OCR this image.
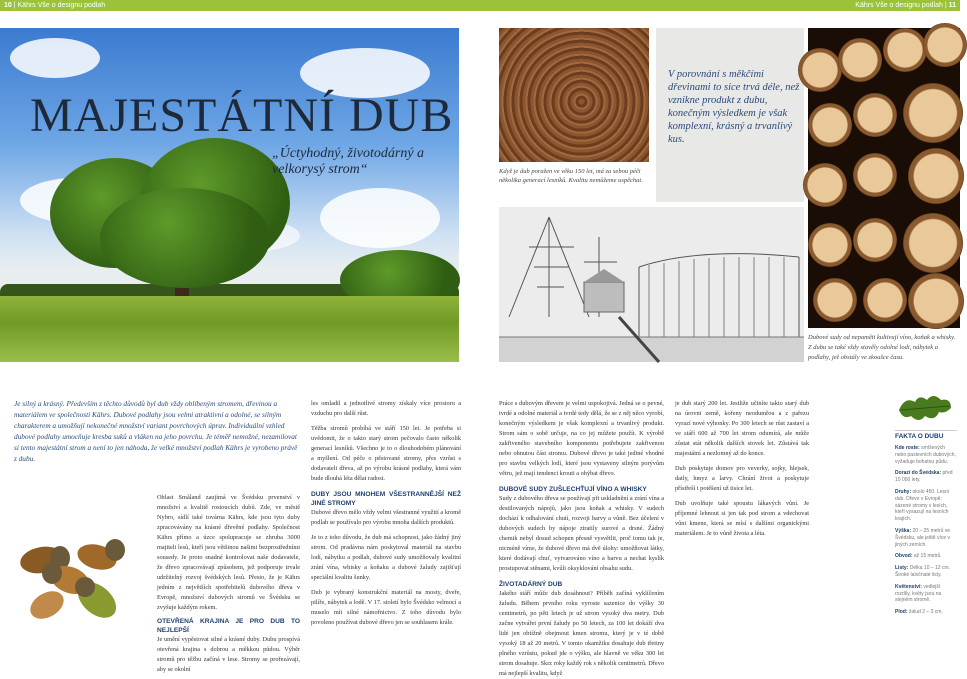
10 | Kährs Vše o designu podlah	Kährs Vše o designu podlah | 11
MAJESTÁTNÍ DUB
„Úctyhodný, životodárný a velkorysý strom“	Když je dub poražen ve věku 150 let, má za sebou péči několika generací lesníků. Kvalitu nemůžeme uspěchat.

V porovnání s měkčími dřevinami to sice trvá déle, než vznikne produkt z dubu, konečným výsledkem je však komplexní, krásný a trvanlivý kus.

Dubové sudy od nepaměti kultivují víno, koňak a whisky. Z dubu se také vždy stavěly odolné lodi, nábytek a podlahy, jež obstály ve zkoušce času.
Je silný a krásný. Především z těchto důvodů byl dub vždy oblíbeným stromem, dřevinou a materiálem ve společnosti Kährs. Dubové podlahy jsou velmi atraktivní a odolné, se silným charakterem a umožňují nekonečné množství variant povrchových úprav. Individuální vzhled dubové podlahy umocňuje kresba suků a vláken na jeho povrchu. Je téměř nemožné, nezamilovat si tento majestátní strom a není to jen náhoda, že velké množství podlah Kährs je vyrobeno právě z dubu.

Oblast Småland zaujímá ve Švédsku prvenství v množství a kvalitě rostoucích dubů. Zde, ve městě Nybro, sídlí také továrna Kährs, kde jsou tyto duby zpracovávány na krásné dřevěné podlahy. Společnost Kährs přímo a úzce spolupracuje se zhruba 3000 majiteli lesů, kteří jsou většinou našimi bezprostředními sousedy. Je proto snadné kontrolovat naše dodavatele, že dřevo zpracovávají způsobem, jež podporuje trvale udržitelný rozvoj švédských lesů. Přesto, že je Kährs jedním z největších spotřebitelů dubového dřeva v Evropě, množství dubových stromů ve Švédsku se zvyšuje každým rokem.

OTEVŘENÁ KRAJINA JE PRO DUB TO NEJLEPŠÍ

Je umění vypěstovat silné a krásné duby. Dubu prospívá otevřená krajina s dobrou a měkkou půdou. Výběr stromů pro těžbu začíná v lese. Stromy se prořezávají, aby se okolní

les omladil a jednotlivé stromy získaly více prostoru a vzduchu pro další růst.

Těžba stromů probíhá ve stáří 150 let. Je potřeba si uvědomit, že o takto starý strom pečovalo často několik generací lesníků. Všechno je to o dlouhodobém plánování a myšlení. Od péče o pěstované stromy, přes vzrůst s dodavateli dřeva, až po výrobu krásné podlahy, která vám bude dlouhá léta dělat radost.

DUBY JSOU MNOHEM VŠESTRANNĚJŠÍ NEŽ JINÉ STROMY

Dubové dřevo mělo vždy velmi všestranné využití a kromě podlah se používalo pro výrobu mnoha dalších produktů.

Je to z toho důvodu, že dub má schopnost, jako žádný jiný strom. Od pradávna nám poskytoval materiál na stavbu lodí, nábytku a podlah, dubové sudy umožňovaly kvalitní zrání vína, whisky a koňaku a dubové žaludy zajišťují speciální kvalitu šunky.

Dub je vybraný konstrukční materiál na mosty, dveře, pilíře, nábytek a lodě. V 17. století bylo Švédsko velmocí a muselo mít silné námořnictvo. Z toho důvodu bylo povoleno používat dubové dřevo jen se souhlasem krále.

Práce s dubovým dřevem je velmi uspokojivá. Jedná se o pevné, tvrdé a odolné materiál a tvrdé tedy dělá, že se z něj něco vyrobí, konečným výsledkem je však komplexní a trvanlivý produkt. Strom sám o sobě určuje, na co jej můžete použít. K výrobě zakřiveného stavebního komponentu potřebujete zakřivenou nebo ohnutou část stromu. Dubové dřevo je také jediné vhodné pro stavbu velkých lodí, které jsou vystaveny silným porývům větru, jež mají tendenci krouti a ohýbat dřevo.

DUBOVÉ SUDY ZUŠLECHŤUJÍ VÍNO A WHISKY

Sudy z dubového dřeva se používají při uskladnění a zrání vína a destilovaných nápojů, jako jsou koňak a whisky. V sudech dochází k odhalování chutí, rozvoji barvy a vůně. Bez účelení v dubových sudech by nápoje ztratily surové a drsné. Žádný chemik nebyl dosud schopen přesně vysvětlit, proč tomu tak je, nicméně víme, že dubové dřevo má dvě úlohy: umožňovat látky, které dodávají chuť, vytvarováno víno a barvu a nechat kyslík prostupovat stěnami, kvůli oksyklování obsahu sudu.

ŽIVOTADÁRNÝ DUB

Jakého stáří může dub dosáhnout? Příběh začíná vyklíčením žaludu. Během prvního roku vyroste sazenice do výšky 30 centimetrů, po pěti letech je už strom vysoký dva metry. Dub začne vytvářet první žaludy po 50 letech, za 100 let dokáží dva lidé jen obtížně obejmout kmen stromu, který je v té době vysoký 18 až 20 metrů. V tomto okamžiku dosahuje dub třetiny plného vzrůstu, pokud jde o výšku, ale hlavně ve věku 300 let strom dosahuje. Skrz roky každý rok s několik centimetrů. Dřevo má nejlepší kvalitu, když

je dub starý 200 let. Jestliže učiníte takto starý dub na úrovni země, kořeny neodumřou a z pařezu vyrazí nové výhonky. Po 300 letech se růst zastaví a ve stáří 600 až 700 let strom odumírá, ale může zůstat stát několik dalších stovek let. Zůstává tak majestátní a nezlomný až do konce.

Dub poskytuje domov pro veverky, sojky, hlejsek, datly, hmyz a larvy. Chrání život a poskytuje přístřeší i potěšení už tisíce let.

Dub uvolňuje také spoustu lákavých vůní. Je příjemné lehnout si jen tak pod strom a vdechovat vůni kmene, která se mísí s dalšími organickými materiálem. Je to vůně života a léta.

FAKTA O DUBU
Kde roste: smíšených nebo pastevních dubových, vyžaduje bohatou půdu.
Dorazí do Švédska: před 10 000 lety.
Druhy: okolo 450. Lesní dub. Dřevo v Evropě: sázené stromy v lesích, kteří vysazují na lesních krajích.
Výška: 20 – 25 metrů ve Švédsku, ale ještě více v jiných zemích.
Obvod: až 15 metrů.
Listy: Délka 10 – 12 cm. Široké laločnaté listy.
Květenství: vedlejší rozdíly, květy jsou na stejném stromě.
Plod: žalud 2 – 3 cm.
